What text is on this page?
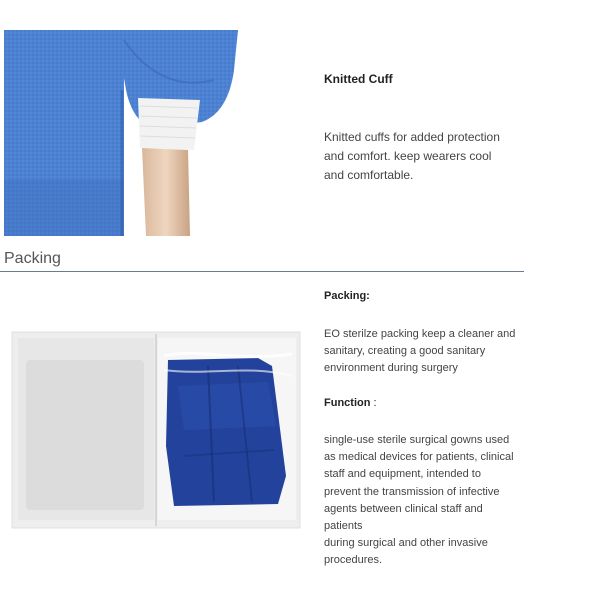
Knitted Cuff
Knitted cuffs for added protection
and comfort. keep wearers cool
and comfortable.
Packing
Packing:
EO sterilze packing keep a cleaner and
sanitary, creating a good sanitary
environment during surgery
Function :
single-use sterile surgical gowns used
as medical devices for patients, clinical
staff and equipment, intended to
prevent the transmission of infective
agents between clinical staff and
patients
during surgical and other invasive
procedures.
